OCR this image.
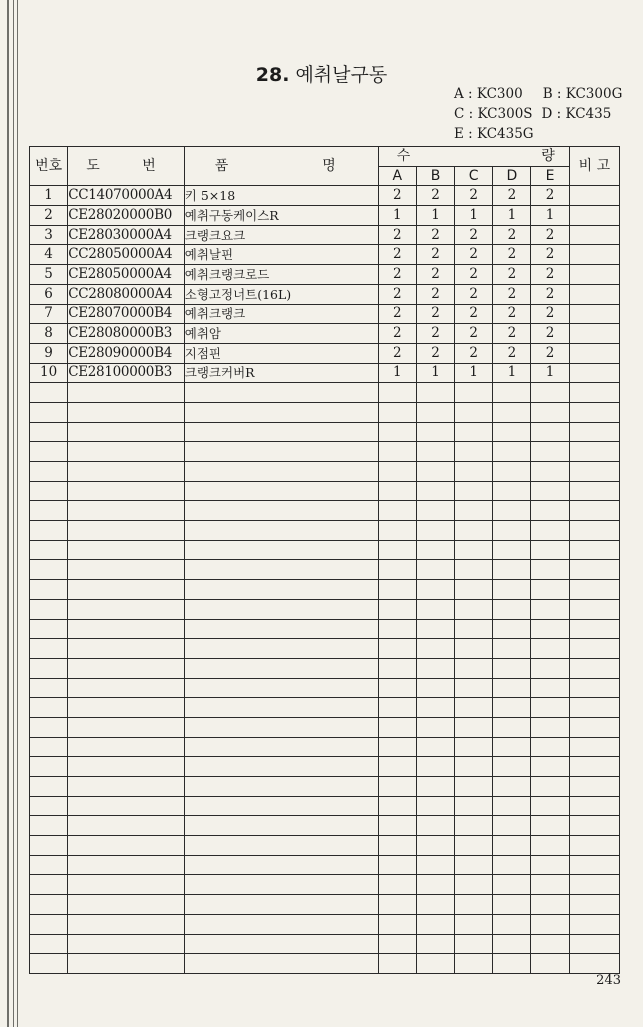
28. 예취날구동
A : KC300 B : KC300G
C : KC300S D : KC435
E : KC435G
번호	도 번	품 명	수 량					비 고
			A	B	C	D	E	
1	CC14070000A4	키 5×18	2	2	2	2	2	
2	CE28020000B0	예취구동케이스R	1	1	1	1	1	
3	CE28030000A4	크랭크요크	2	2	2	2	2	
4	CC28050000A4	예취날핀	2	2	2	2	2	
5	CE28050000A4	예취크랭크로드	2	2	2	2	2	
6	CC28080000A4	소형고정너트(16L)	2	2	2	2	2	
7	CE28070000B4	예취크랭크	2	2	2	2	2	
8	CE28080000B3	예취암	2	2	2	2	2	
9	CE28090000B4	지점핀	2	2	2	2	2	
10	CE28100000B3	크랭크커버R	1	1	1	1	1	

243
